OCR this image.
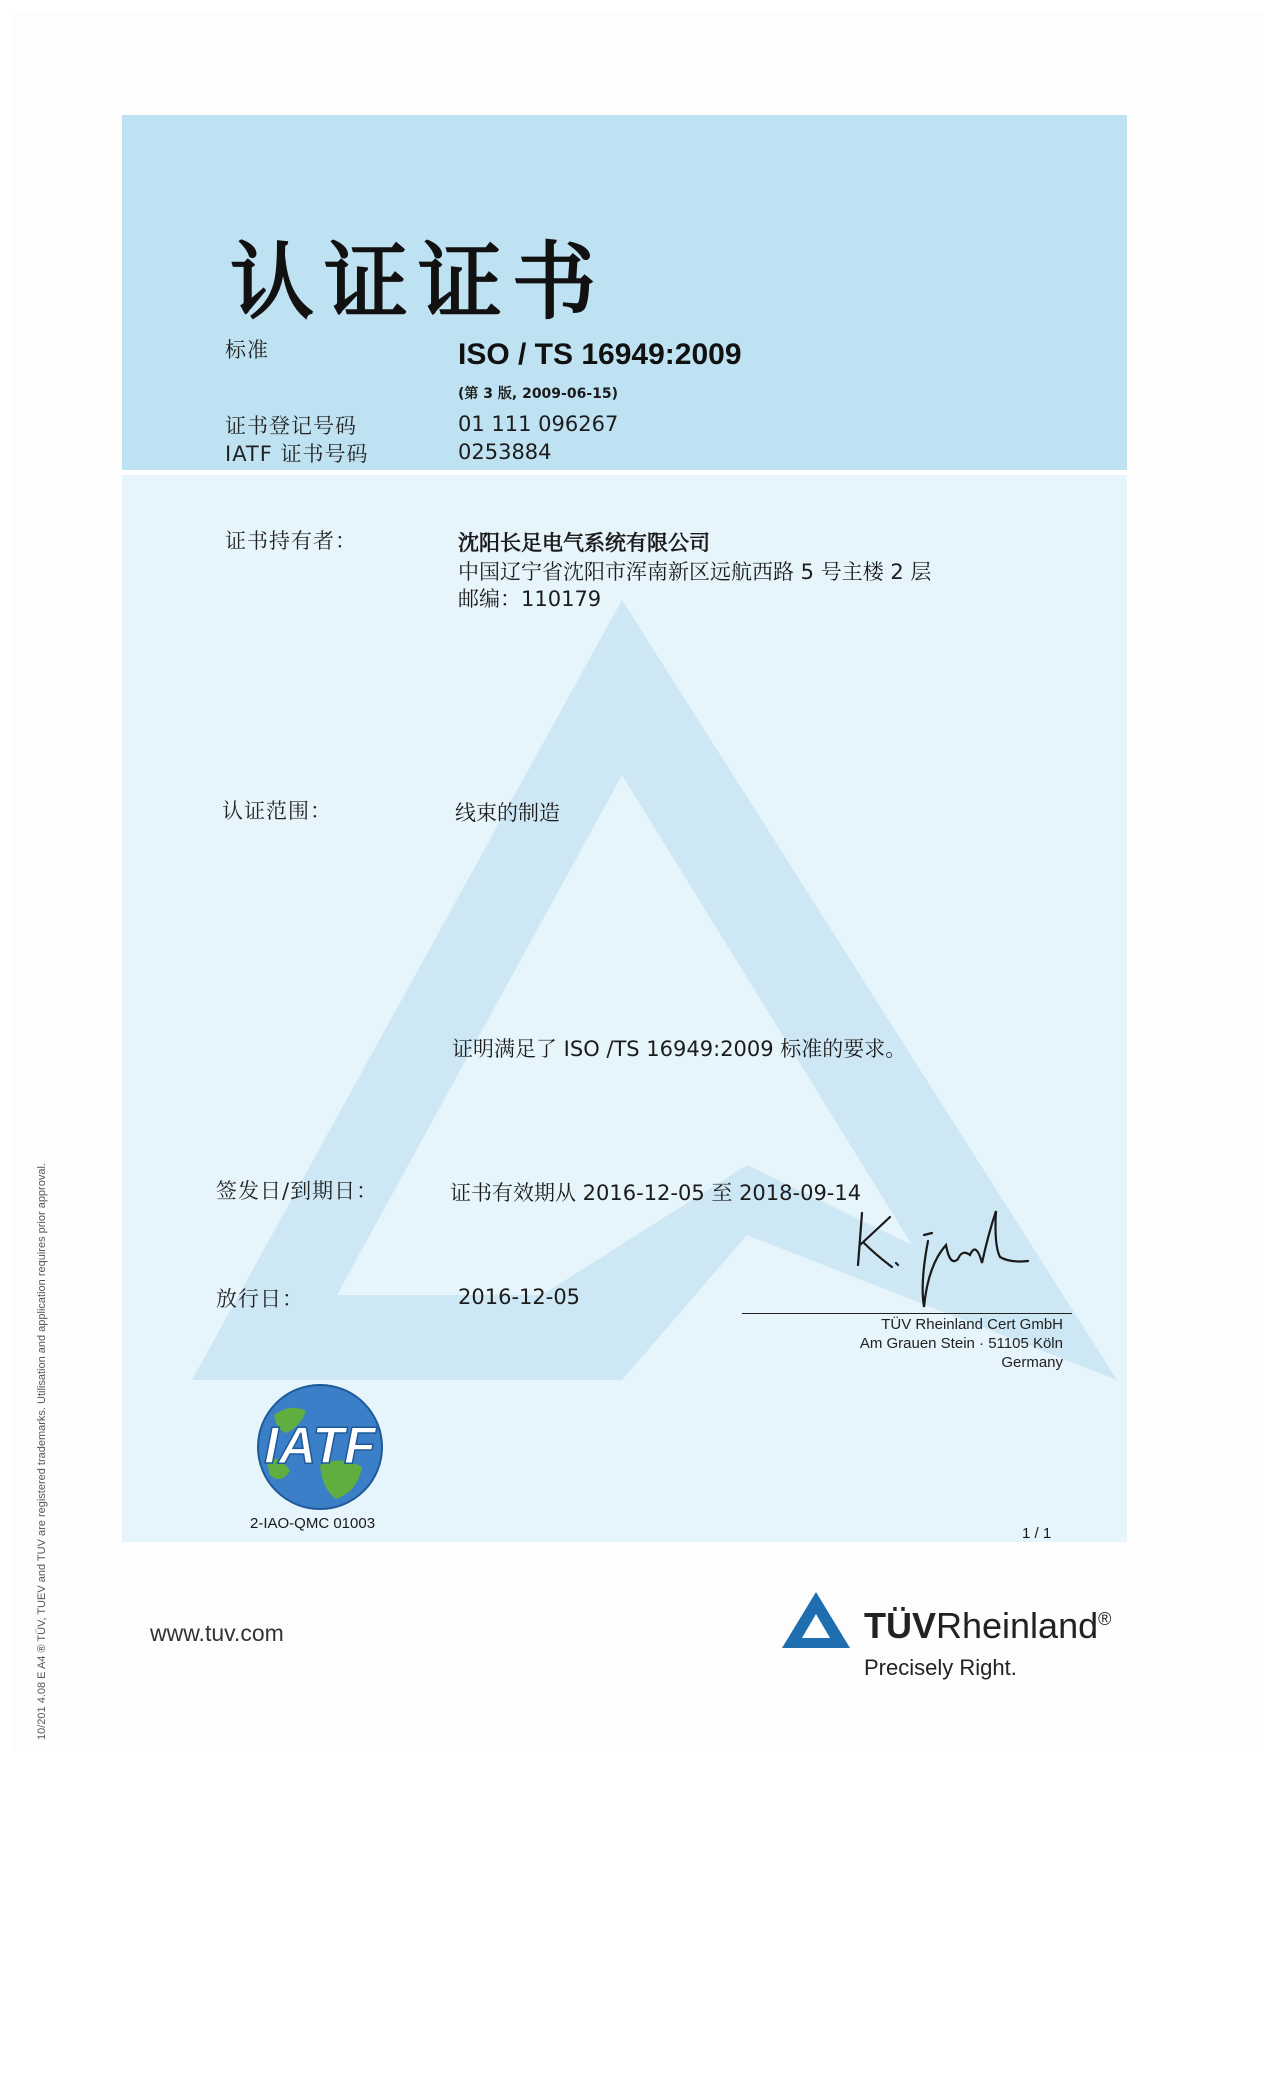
认证证书
标准	ISO / TS 16949:2009
(第 3 版, 2009-06-15)
证书登记号码	01 111 096267
IATF 证书号码	0253884
证书持有者：	沈阳长足电气系统有限公司
中国辽宁省沈阳市浑南新区远航西路 5 号主楼 2 层
邮编：110179
认证范围：	线束的制造
证明满足了 ISO /TS 16949:2009 标准的要求。
签发日/到期日：	证书有效期从 2016-12-05 至 2018-09-14
放行日：	2016-12-05
TÜV Rheinland Cert GmbH
Am Grauen Stein · 51105 Köln
Germany
IATF
2-IAO-QMC 01003
1 / 1
www.tuv.com	TÜVRheinland®
Precisely Right.
10/201 4.08 E A4 ® TÜV, TUEV and TUV are registered trademarks. Utilisation and application requires prior approval.
